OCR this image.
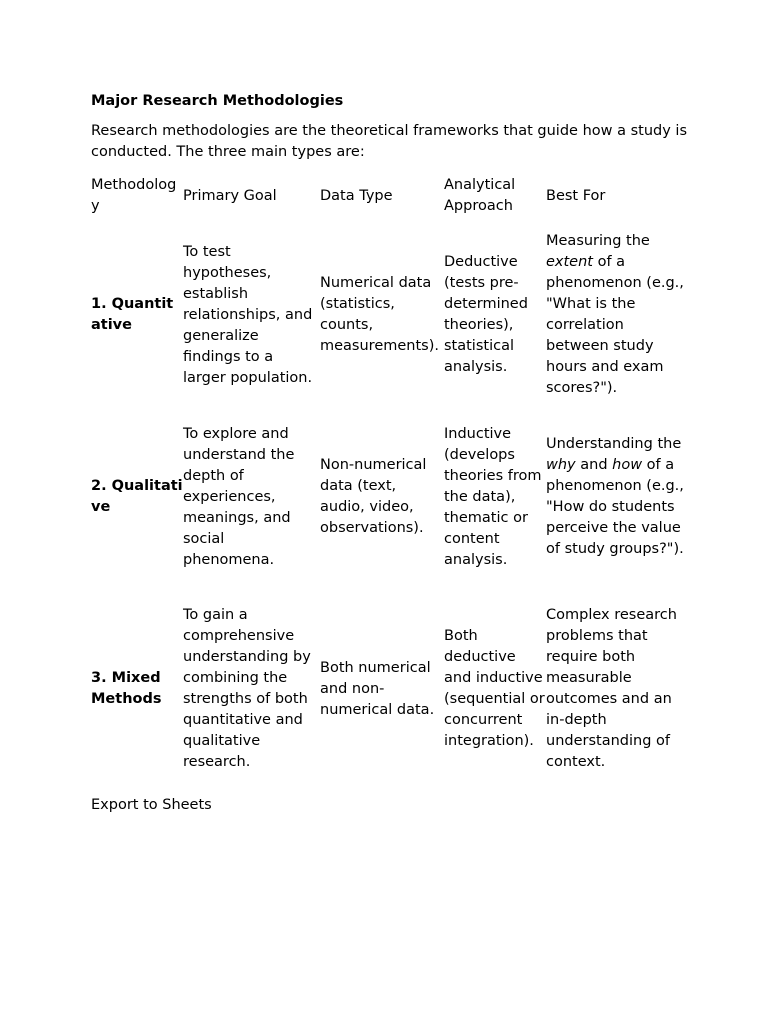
Major Research Methodologies
Research methodologies are the theoretical frameworks that guide how a study is conducted. The three main types are:
Methodology	Primary Goal	Data Type	Analytical Approach	Best For

1. Quantitative	To test hypotheses, establish relationships, and generalize findings to a larger population.	Numerical data (statistics, counts, measurements).	Deductive (tests pre-determined theories), statistical analysis.	Measuring the extent of a phenomenon (e.g., "What is the correlation between study hours and exam scores?").
2. Qualitative	To explore and understand the depth of experiences, meanings, and social phenomena.	Non-numerical data (text, audio, video, observations).	Inductive (develops theories from the data), thematic or content analysis.	Understanding the why and how of a phenomenon (e.g., "How do students perceive the value of study groups?").
3. Mixed Methods	To gain a comprehensive understanding by combining the strengths of both quantitative and qualitative research.	Both numerical and non-numerical data.	Both deductive and inductive (sequential or concurrent integration).	Complex research problems that require both measurable outcomes and an in-depth understanding of context.
Export to Sheets
